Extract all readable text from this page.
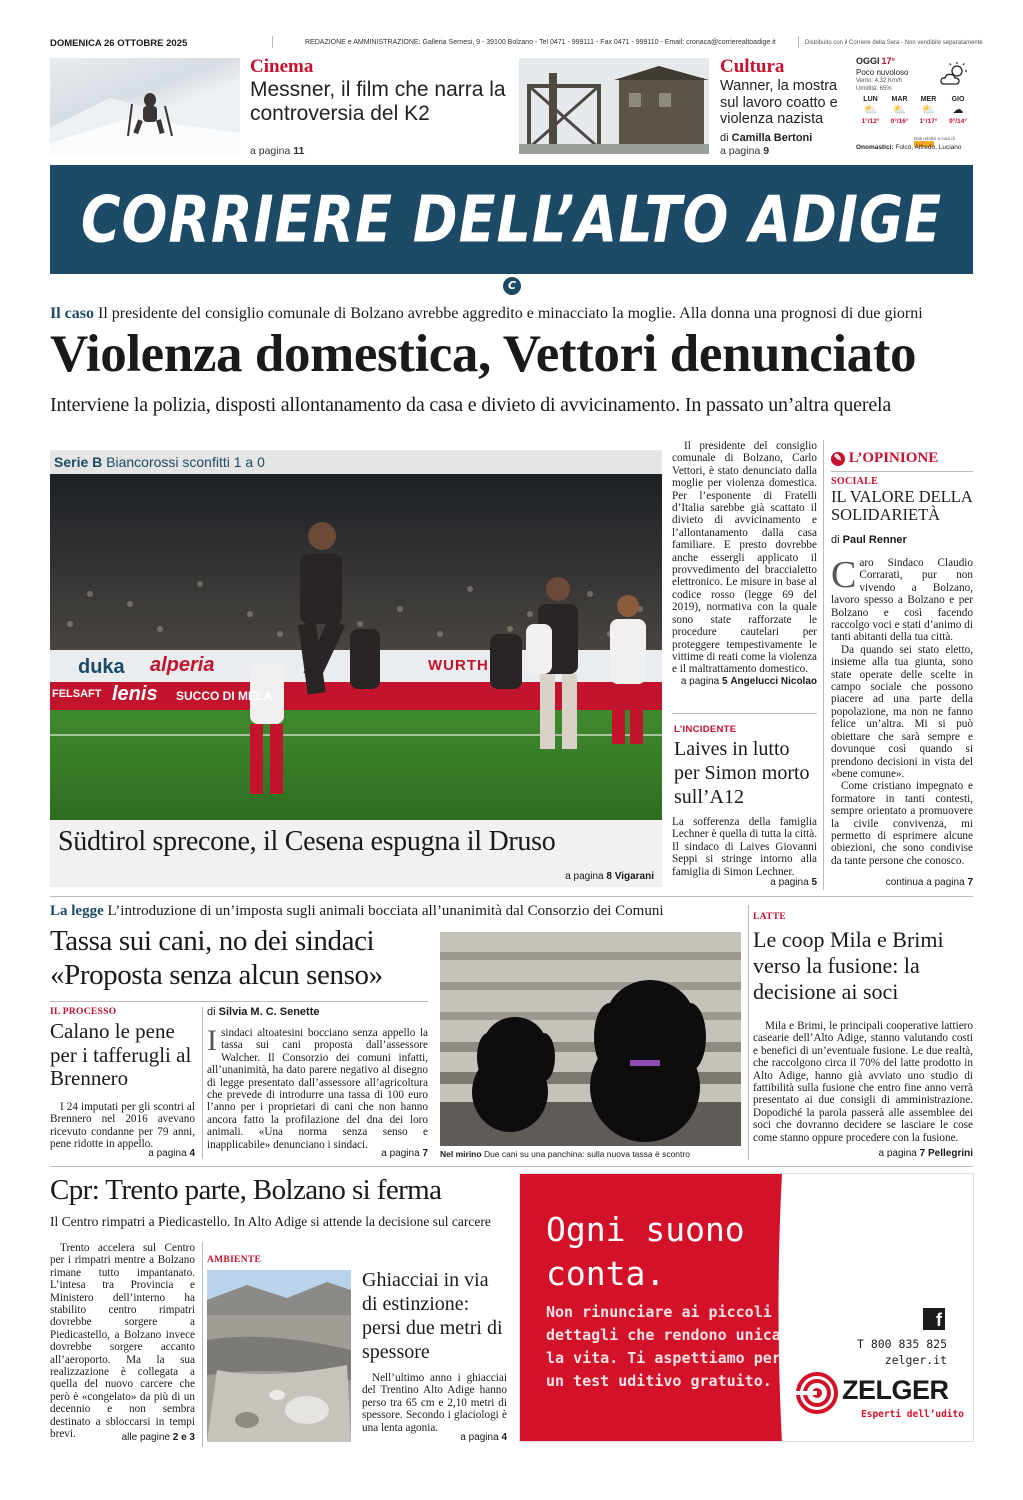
DOMENICA 26 OTTOBRE 2025	REDAZIONE e AMMINISTRAZIONE: Galleria Sernesi, 9 - 39100 Bolzano - Tel 0471 - 999111 - Fax 0471 - 999110 - Email: cronaca@corrierealtoadige.it	Distribuito con il Corriere della Sera - Non vendibile separatamente
Cinema
Messner, il film che narra la controversia del K2
a pagina 11
Cultura
Wanner, la mostra sul lavoro coatto e violenza nazista
di Camilla Bertoni
a pagina 9
OGGI 17°
Poco nuvoloso
Vento: 4,32 Km/h
Umidità: 65%
LUN
⛅
1°/12°
MAR
⛅
0°/16°
MER
⛅
1°/17°
GIO
☁
9°/14°
Dati relativi a cura di
Onomastici: Folco, Alfredo, Luciano
CORRIERE DELL’ALTO ADIGE
C
Il caso Il presidente del consiglio comunale di Bolzano avrebbe aggredito e minacciato la moglie. Alla donna una prognosi di due giorni
Violenza domestica, Vettori denunciato
Interviene la polizia, disposti allontanamento da casa e divieto di avvicinamento. In passato un’altra querela
Serie B Biancorossi sconfitti 1 a 0
duka alperia	WURTH
FELSAFT lenis SUCCO DI MELA
Südtirol sprecone, il Cesena espugna il Druso
a pagina 8 Vigarani
Il presidente del consiglio comunale di Bolzano, Carlo Vettori, è stato denunciato dalla moglie per violenza domestica. Per l’esponente di Fratelli d’Italia sarebbe già scattato il divieto di avvicinamento e l’allontanamento dalla casa familiare. E presto dovrebbe anche essergli applicato il provvedimento del braccialetto elettronico. Le misure in base al codice rosso (legge 69 del 2019), normativa con la quale sono state rafforzate le procedure cautelari per proteggere tempestivamente le vittime di reati come la violenza e il maltrattamento domestico.
a pagina 5 Angelucci Nicolao
L’INCIDENTE
Laives in lutto per Simon morto sull’A12
La sofferenza della famiglia Lechner è quella di tutta la città. Il sindaco di Laives Giovanni Seppi si stringe intorno alla famiglia di Simon Lechner.
a pagina 5
✎ L’OPINIONE
SOCIALE
IL VALORE DELLA SOLIDARIETÀ
di Paul Renner
C aro Sindaco Claudio Corrarati, pur non vivendo a Bolzano, lavoro spesso a Bolzano e per Bolzano e così facendo raccolgo voci e stati d’animo di tanti abitanti della tua città.

Da quando sei stato eletto, insieme alla tua giunta, sono state operate delle scelte in campo sociale che possono piacere ad una parte della popolazione, ma non ne fanno felice un’altra. Mi si può obiettare che sarà sempre e dovunque così quando si prendono decisioni in vista del «bene comune».

Come cristiano impegnato e formatore in tanti contesti, sempre orientato a promuovere la civile convivenza, mi permetto di esprimere alcune obiezioni, che sono condivise da tante persone che conosco.

continua a pagina 7
La legge L’introduzione di un’imposta sugli animali bocciata all’unanimità dal Consorzio dei Comuni
Tassa sui cani, no dei sindaci
«Proposta senza alcun senso»
IL PROCESSO
Calano le pene per i tafferugli al Brennero
I 24 imputati per gli scontri al Brennero nel 2016 avevano ricevuto condanne per 79 anni, pene ridotte in appello.
a pagina 4
di Silvia M. C. Senette
I sindaci altoatesini bocciano senza appello la tassa sui cani proposta dall’assessore Walcher. Il Consorzio dei comuni infatti, all’unanimità, ha dato parere negativo al disegno di legge presentato dall’assessore all’agricoltura che prevede di introdurre una tassa di 100 euro l’anno per i proprietari di cani che non hanno ancora fatto la profilazione del dna dei loro animali. «Una norma senza senso e inapplicabile» denunciano i sindaci.

a pagina 7 Nel mirino Due cani su una panchina: sulla nuova tassa è scontro
LATTE
Le coop Mila e Brimi verso la fusione: la decisione ai soci
Mila e Brimi, le principali cooperative lattiero casearie dell’Alto Adige, stanno valutando costi e benefici di un’eventuale fusione. Le due realtà, che raccolgono circa il 70% del latte prodotto in Alto Adige, hanno già avviato uno studio di fattibilità sulla fusione che entro fine anno verrà presentato ai due consigli di amministrazione. Dopodiché la parola passerà alle assemblee dei soci che dovranno decidere se lasciare le cose come stanno oppure procedere con la fusione.
a pagina 7 Pellegrini
Cpr: Trento parte, Bolzano si ferma
Il Centro rimpatri a Piedicastello. In Alto Adige si attende la decisione sul carcere
Trento accelera sul Centro per i rimpatri mentre a Bolzano rimane tutto impantanato. L’intesa tra Provincia e Ministero dell’interno ha stabilito centro rimpatri dovrebbe sorgere a Piedicastello, a Bolzano invece dovrebbe sorgere accanto all’aeroporto. Ma la sua realizzazione è collegata a quella del nuovo carcere che però è «congelato» da più di un decennio e non sembra destinato a sbloccarsi in tempi brevi.	alle pagine 2 e 3
AMBIENTE
Ghiacciai in via di estinzione: persi due metri di spessore
Nell’ultimo anno i ghiacciai del Trentino Alto Adige hanno perso tra 65 cm e 2,10 metri di spessore. Secondo i glaciologi è una lenta agonia.
a pagina 4
Ogni suono conta.
Non rinunciare ai piccoli dettagli che rendono unica la vita. Ti aspettiamo per un test uditivo gratuito.
f
T 800 835 825
zelger.it
ZELGER
Esperti dell’udito
